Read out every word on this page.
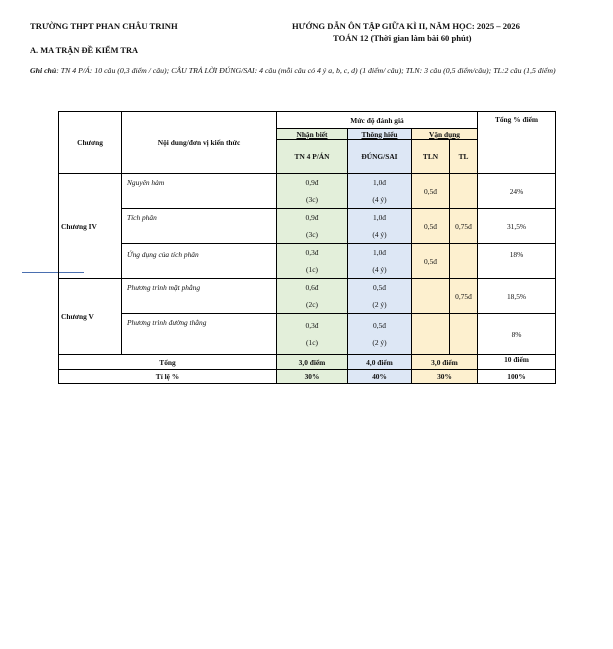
TRƯỜNG THPT PHAN CHÂU TRINH	HƯỚNG DẪN ÔN TẬP GIỮA KÌ II, NĂM HỌC: 2025 – 2026
TOÁN 12 (Thời gian làm bài 60 phút)
A. MA TRẬN ĐỀ KIỂM TRA
Ghi chú: TN 4 P/Á: 10 câu (0,3 điểm / câu); CÂU TRẢ LỜI ĐÚNG/SAI: 4 câu (mỗi câu có 4 ý a, b, c, d) (1 điểm/ câu); TLN: 3 câu (0,5 điểm/câu); TL:2 câu (1,5 điểm)
Chương	Nội dung/đơn vị kiến thức	Mức độ đánh giá				Tổng % điểm
		Nhận biết	Thông hiểu	Vận dụng		
		TN 4 P/ÁN	ĐÚNG/SAI	TLN	TL	
Chương IV	Nguyên hàm	0,9đ
(3c)	1,0đ
(4 ý)	0,5đ		24%
	Tích phân	0,9đ
(3c)	1,0đ
(4 ý)	0,5đ	0,75đ	31,5%
	Ứng dụng của tích phân	0,3đ
(1c)	1,0đ
(4 ý)	0,5đ		18%
Chương V	Phương trình mặt phẳng	0,6đ
(2c)	0,5đ
(2 ý)		0,75đ	18,5%
	Phương trình đường thẳng	0,3đ
(1c)	0,5đ
(2 ý)			8%
Tổng		3,0 điểm	4,0 điểm	3,0 điểm		10 điểm
Tỉ lệ %		30%	40%	30%		100%
